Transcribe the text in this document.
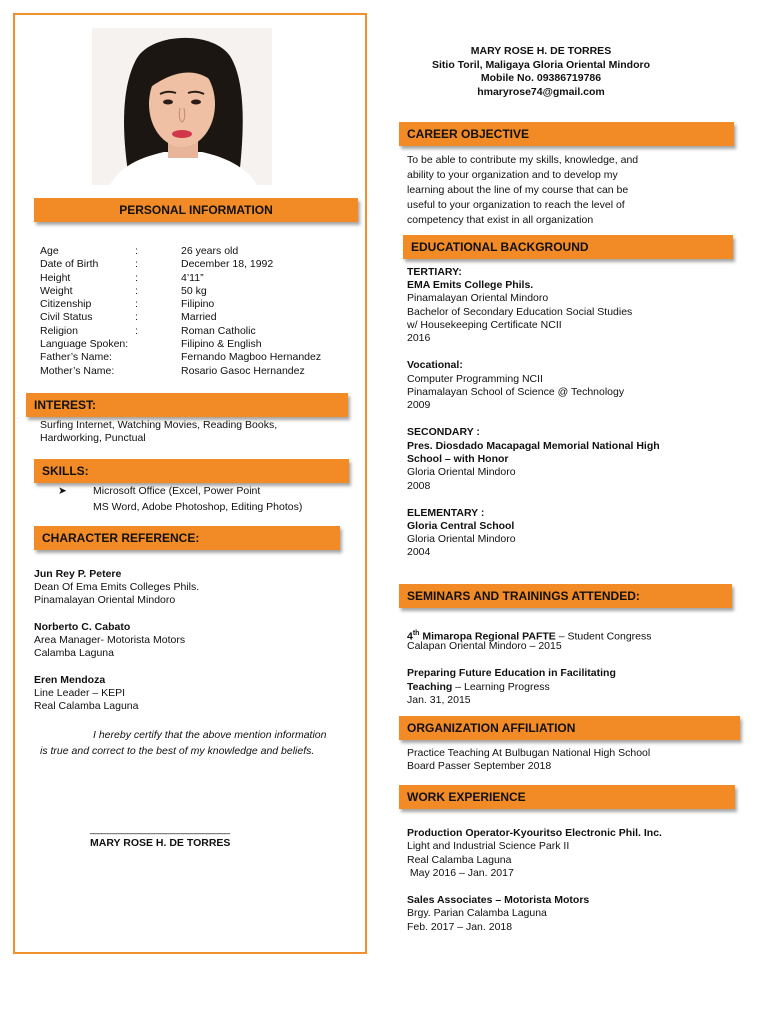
PERSONAL INFORMATION
Age	:	26 years old
Date of Birth	:	December 18, 1992
Height	:	4’11”
Weight	:	50 kg
Citizenship	:	Filipino
Civil Status	:	Married
Religion	:	Roman Catholic
Language Spoken:	Filipino & English
Father’s Name:	Fernando Magboo Hernandez
Mother’s Name:	Rosario Gasoc Hernandez
INTEREST:
Surfing Internet, Watching Movies, Reading Books,
Hardworking, Punctual
SKILLS:
➤ Microsoft Office (Excel, Power Point
MS Word, Adobe Photoshop, Editing Photos)
CHARACTER REFERENCE:
Jun Rey P. Petere
Dean Of Ema Emits Colleges Phils.
Pinamalayan Oriental Mindoro
Norberto C. Cabato
Area Manager- Motorista Motors
Calamba Laguna
Eren Mendoza
Line Leader – KEPI
Real Calamba Laguna
I hereby certify that the above mention information
is true and correct to the best of my knowledge and beliefs.
________________________
MARY ROSE H. DE TORRES
MARY ROSE H. DE TORRES
Sitio Toril, Maligaya Gloria Oriental Mindoro
Mobile No. 09386719786
hmaryrose74@gmail.com
CAREER OBJECTIVE
To be able to contribute my skills, knowledge, and
ability to your organization and to develop my
learning about the line of my course that can be
useful to your organization to reach the level of
competency that exist in all organization
EDUCATIONAL BACKGROUND
TERTIARY:
EMA Emits College Phils.
Pinamalayan Oriental Mindoro
Bachelor of Secondary Education Social Studies
w/ Housekeeping Certificate NCII
2016
Vocational:
Computer Programming NCII
Pinamalayan School of Science @ Technology
2009
SECONDARY :
Pres. Diosdado Macapagal Memorial National High
School – with Honor
Gloria Oriental Mindoro
2008
ELEMENTARY :
Gloria Central School
Gloria Oriental Mindoro
2004
SEMINARS AND TRAININGS ATTENDED:
4th Mimaropa Regional PAFTE – Student Congress
Calapan Oriental Mindoro – 2015
Preparing Future Education in Facilitating
Teaching – Learning Progress
Jan. 31, 2015
ORGANIZATION AFFILIATION
Practice Teaching At Bulbugan National High School
Board Passer September 2018
WORK EXPERIENCE
Production Operator-Kyouritso Electronic Phil. Inc.
Light and Industrial Science Park II
Real Calamba Laguna
May 2016 – Jan. 2017
Sales Associates – Motorista Motors
Brgy. Parian Calamba Laguna
Feb. 2017 – Jan. 2018
